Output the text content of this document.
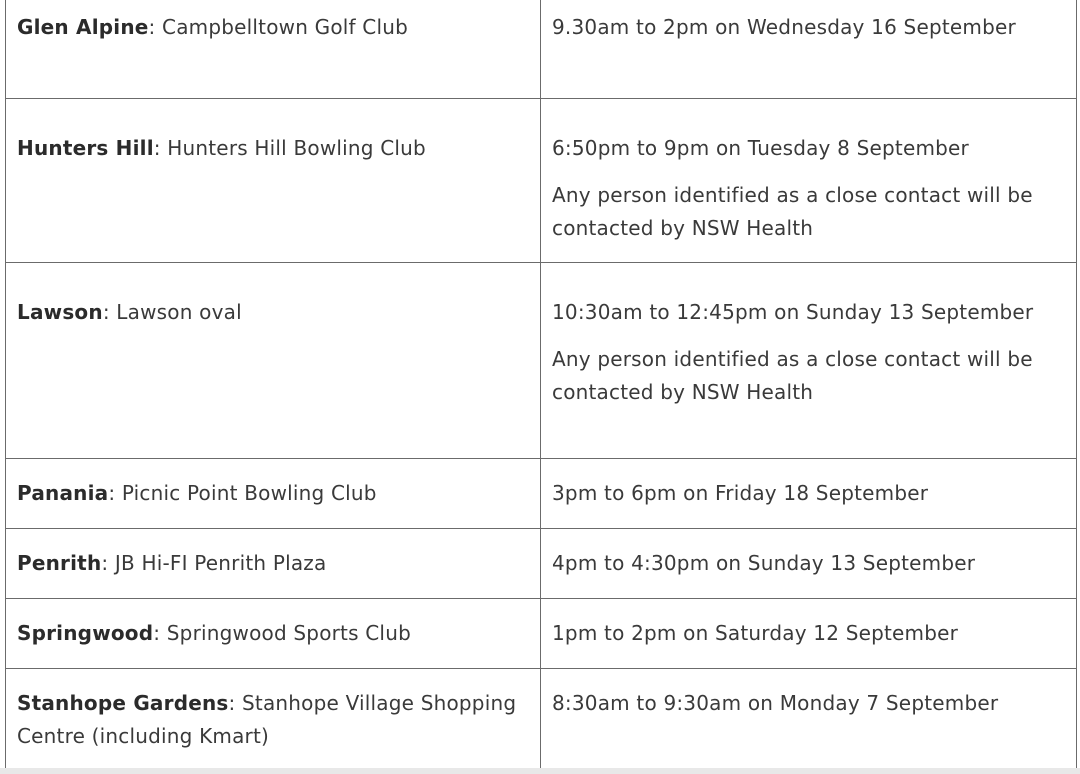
Glen Alpine: Campbelltown Golf Club	9.30am to 2pm on Wednesday 16 September

Hunters Hill: Hunters Hill Bowling Club	6:50pm to 9pm on Tuesday 8 September

Any person identified as a close contact will be contacted by NSW Health

Lawson: Lawson oval	10:30am to 12:45pm on Sunday 13 September

Any person identified as a close contact will be contacted by NSW Health

Panania: Picnic Point Bowling Club	3pm to 6pm on Friday 18 September

Penrith: JB Hi-FI Penrith Plaza	4pm to 4:30pm on Sunday 13 September

Springwood: Springwood Sports Club	1pm to 2pm on Saturday 12 September

Stanhope Gardens: Stanhope Village Shopping Centre (including Kmart)	8:30am to 9:30am on Monday 7 September
